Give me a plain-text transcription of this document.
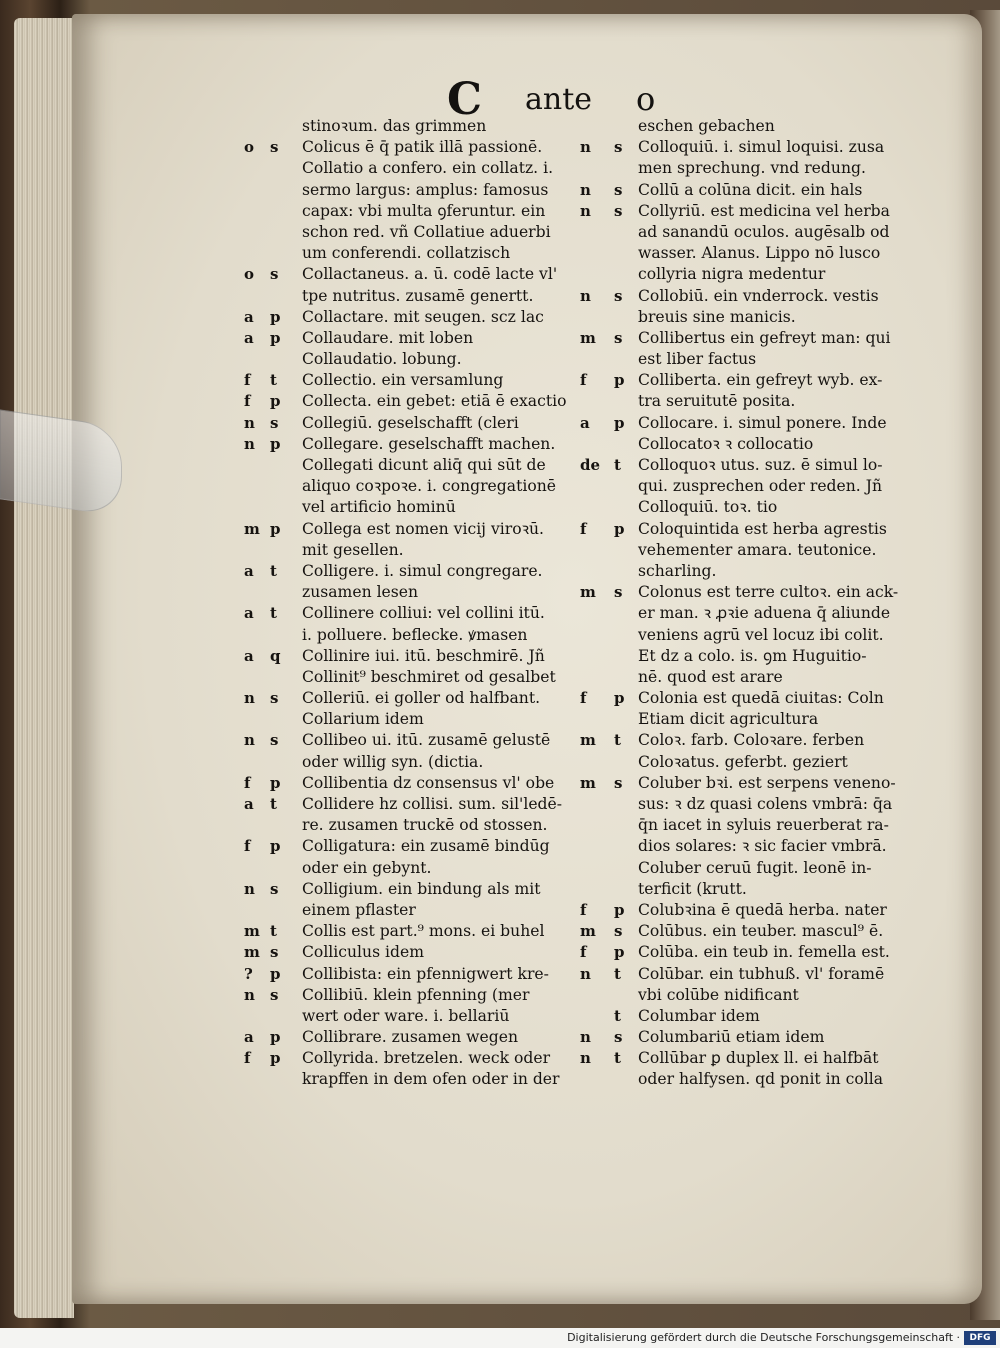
C ante o
stinoꝛum. das grimmen
o	s	Colicus ē q̄ patik illā passionē.
Collatio a confero. ein collatz. i.
sermo largus: amplus: famosus
capax: vbi multa ꝯferuntur. ein
schon red. vñ Collatiue aduerbi
um conferendi. collatzisch
o	s	Collactaneus. a. ū. codē lacte vl'
tpe nutritus. zusamē genertt.
a	p	Collactare. mit seugen. scz lac
a	p	Collaudare. mit loben
Collaudatio. lobung.
f	t	Collectio. ein versamlung
f	p	Collecta. ein gebet: etiā ē exactio
n	s	Collegiū. geselschafft (cleri
n	p	Collegare. geselschafft machen.
Collegati dicunt aliq̄ qui sūt de
aliquo coꝛpoꝛe. i. congregationē
vel artificio hominū
m p	Collega est nomen vicij viroꝛū.
mit gesellen.
a	t	Colligere. i. simul congregare.
zusamen lesen
a	t	Collinere colliui: vel collini itū.
i. polluere. beflecke. ꝟmasen
a	q	Collinire iui. itū. beschmirē. Jñ
Collinit⁹ beschmiret od gesalbet
n	s	Colleriū. ei goller od halfbant.
Collarium idem
n	s	Collibeo ui. itū. zusamē gelustē
oder willig syn. (dictia.
f	p	Collibentia dz consensus vl' obe
a	t	Collidere hz collisi. sum. sil'ledē-
re. zusamen truckē od stossen.
f	p	Colligatura: ein zusamē bindūg
oder ein gebynt.
n	s	Colligium. ein bindung als mit
einem pflaster
m t	Collis est part.⁹ mons. ei buhel
m s	Colliculus idem
?	p	Collibista: ein pfennigwert kre-
n	s	Collibiū. klein pfenning (mer
wert oder ware. i. bellariū
a	p	Collibrare. zusamen wegen
f	p	Collyrida. bretzelen. weck oder
krapffen in dem ofen oder in der
eschen gebachen
n	s Colloquiū. i. simul loquisi. zusa
men sprechung. vnd redung.
n	s Collū a colūna dicit. ein hals
n	s Collyriū. est medicina vel herba
ad sanandū oculos. augēsalb od
wasser. Alanus. Lippo nō lusco
collyria nigra medentur
n	s Collobiū. ein vnderrock. vestis
breuis sine manicis.
m	s Collibertus ein gefreyt man: qui
est liber factus
f	p Colliberta. ein gefreyt wyb. ex-
tra seruitutē posita.
a	p Collocare. i. simul ponere. Inde
Collocatoꝛ ꝛ collocatio
de t	Colloquoꝛ utus. suz. ē simul lo-
qui. zusprechen oder reden. Jñ
Colloquiū. toꝛ. tio
f	p Coloquintida est herba agrestis
vehementer amara. teutonice.
scharling.
m	s Colonus est terre cultoꝛ. ein ack-
er man. ꝛ ꝓꝛie aduena q̄ aliunde
veniens agrū vel locuz ibi colit.
Et dz a colo. is. ꝯm Huguitio-
nē. quod est arare
f	p Colonia est quedā ciuitas: Coln
Etiam dicit agricultura
m	t	Coloꝛ. farb. Coloꝛare. ferben
Coloꝛatus. geferbt. geziert
m	s Coluber bꝛi. est serpens veneno-
sus: ꝛ dz quasi colens vmbrā: q̄a
q̄n iacet in syluis reuerberat ra-
dios solares: ꝛ sic facier vmbrā.
Coluber ceruū fugit. leonē in-
terficit (krutt.
f	p Colubꝛina ē quedā herba. nater
m	s Colūbus. ein teuber. mascul⁹ ē.
f	p Colūba. ein teub in. femella est.
n	t	Colūbar. ein tubhuß. vl' foramē
vbi colūbe nidificant
t	Columbar idem
n	s Columbariū etiam idem
n	t	Collūbar ꝑ duplex ll. ei halfbāt
oder halfysen. qd ponit in colla
Digitalisierung gefördert durch die Deutsche Forschungsgemeinschaft ·	DFG
